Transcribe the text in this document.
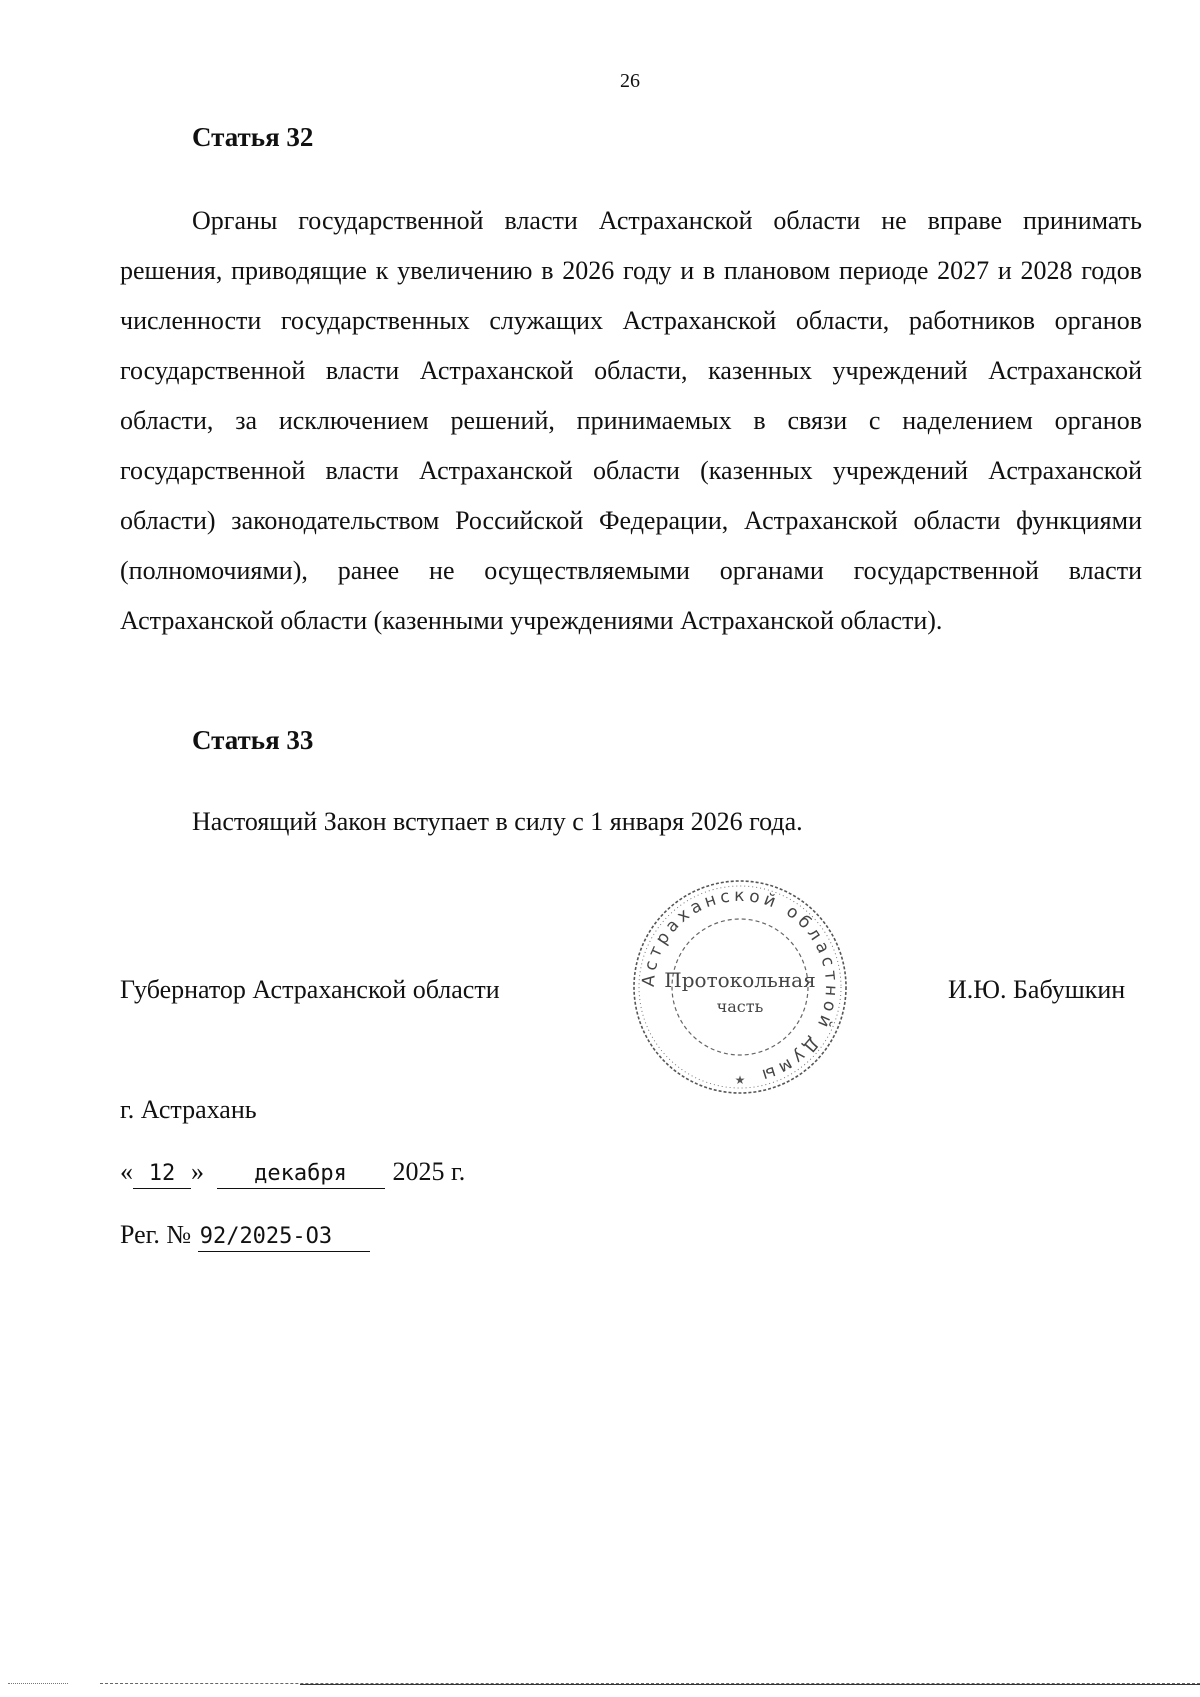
26
Статья 32

Органы государственной власти Астраханской области не вправе принимать решения, приводящие к увеличению в 2026 году и в плановом периоде 2027 и 2028 годов численности государственных служащих Астраханской области, работников органов государственной власти Астраханской области, казенных учреждений Астраханской области, за исключением решений, принимаемых в связи с наделением органов государственной власти Астраханской области (казенных учреждений Астраханской области) законодательством Российской Федерации, Астраханской области функциями (полномочиями), ранее не осуществляемыми органами государственной власти Астраханской области (казенными учреждениями Астраханской области).

Статья 33
Настоящий Закон вступает в силу с 1 января 2026 года.
Губернатор Астраханской области	И.Ю. Бабушкин
Астраханской областной Думы
Протокольная
часть
★
г. Астрахань
« 12 » декабря 2025 г.
Рег. № 92/2025-ОЗ
